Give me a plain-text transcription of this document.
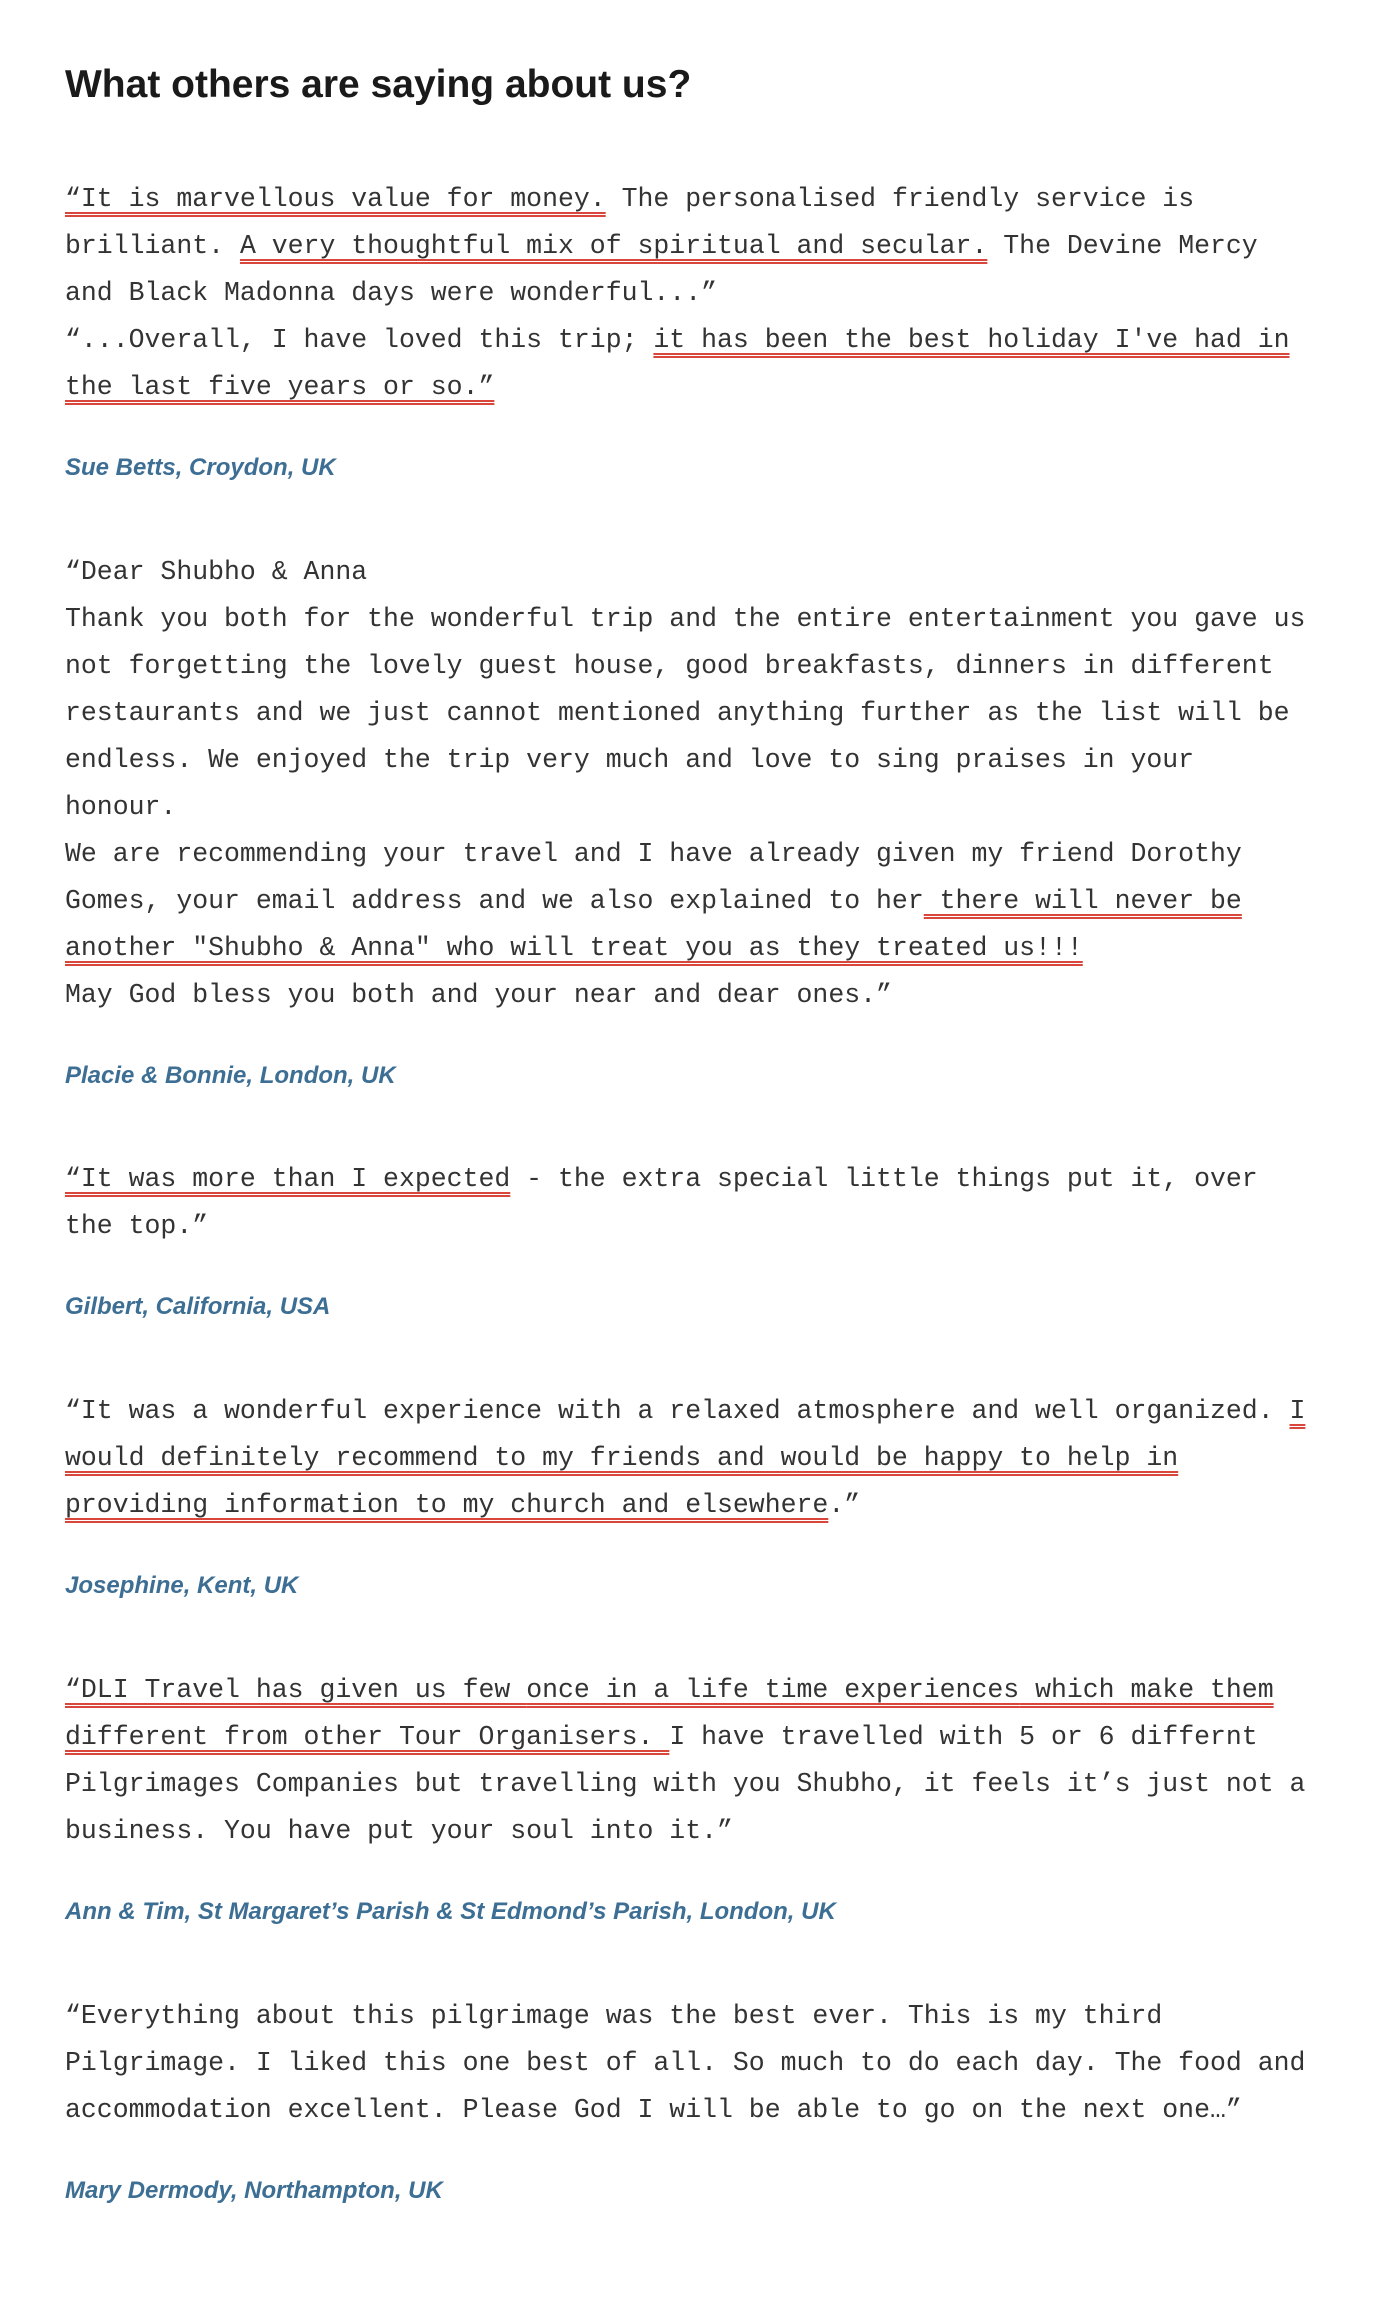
What others are saying about us?
“It is marvellous value for money. The personalised friendly service is
brilliant. A very thoughtful mix of spiritual and secular. The Devine Mercy
and Black Madonna days were wonderful...”
“...Overall, I have loved this trip; it has been the best holiday I've had in
the last five years or so.”
Sue Betts, Croydon, UK
“Dear Shubho & Anna
Thank you both for the wonderful trip and the entire entertainment you gave us
not forgetting the lovely guest house, good breakfasts, dinners in different
restaurants and we just cannot mentioned anything further as the list will be
endless. We enjoyed the trip very much and love to sing praises in your
honour.
We are recommending your travel and I have already given my friend Dorothy
Gomes, your email address and we also explained to her there will never be
another "Shubho & Anna" who will treat you as they treated us!!!
May God bless you both and your near and dear ones.”
Placie & Bonnie, London, UK
“It was more than I expected - the extra special little things put it, over
the top.”
Gilbert, California, USA
“It was a wonderful experience with a relaxed atmosphere and well organized. I
would definitely recommend to my friends and would be happy to help in
providing information to my church and elsewhere.”
Josephine, Kent, UK
“DLI Travel has given us few once in a life time experiences which make them
different from other Tour Organisers. I have travelled with 5 or 6 differnt
Pilgrimages Companies but travelling with you Shubho, it feels it’s just not a
business. You have put your soul into it.”
Ann & Tim, St Margaret’s Parish & St Edmond’s Parish, London, UK
“Everything about this pilgrimage was the best ever. This is my third
Pilgrimage. I liked this one best of all. So much to do each day. The food and
accommodation excellent. Please God I will be able to go on the next one…”
Mary Dermody, Northampton, UK
